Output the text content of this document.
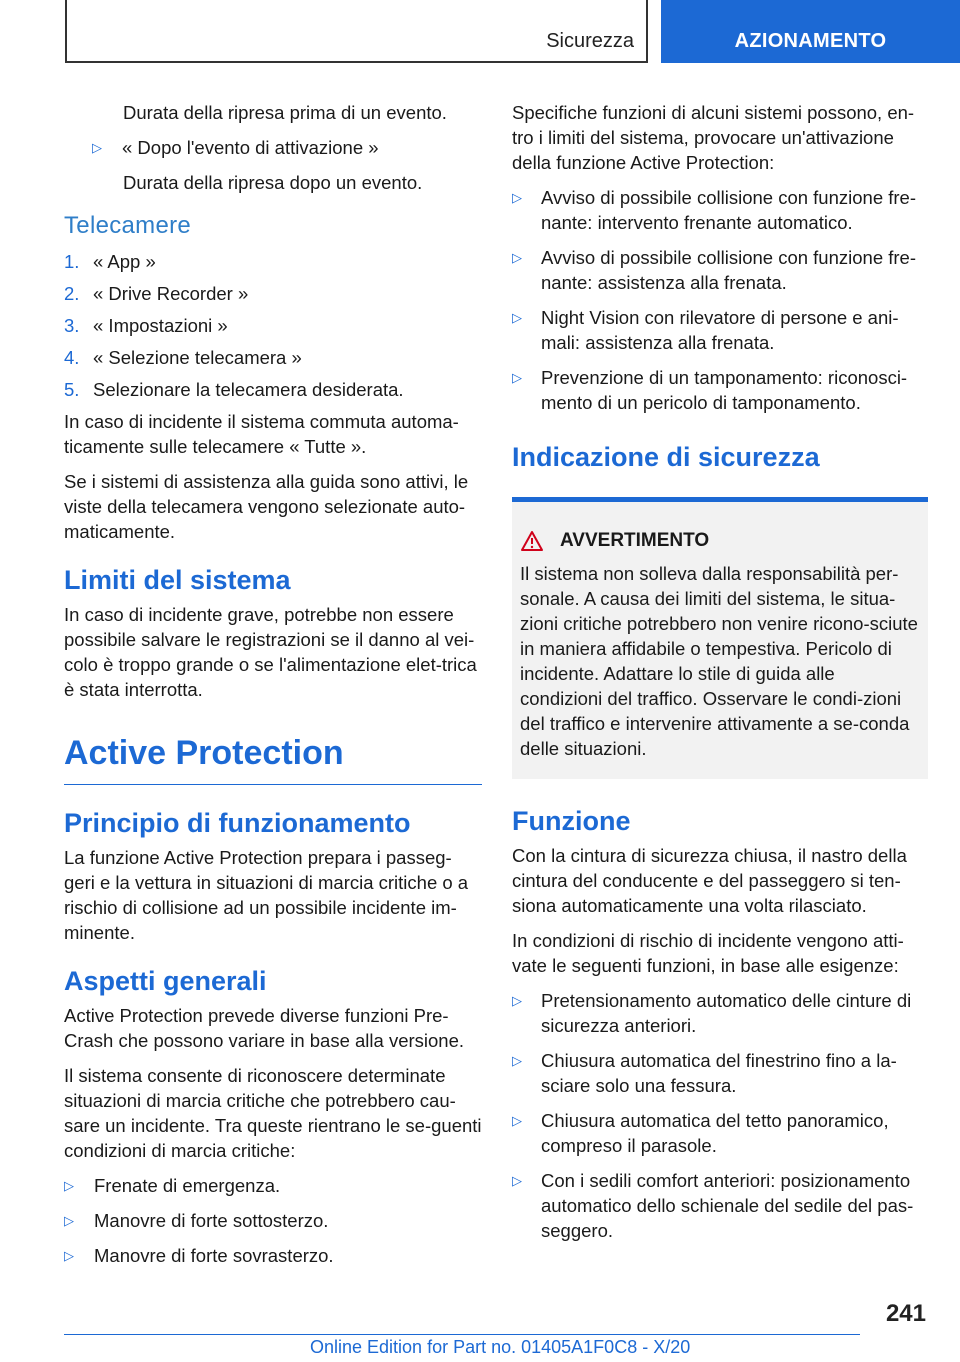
Sicurezza	AZIONAMENTO

Durata della ripresa prima di un evento.

▷	« Dopo l'evento di attivazione »

Durata della ripresa dopo un evento.

Telecamere
1. « App »
2. « Drive Recorder »
3. « Impostazioni »
4. « Selezione telecamera »
5. Selezionare la telecamera desiderata.

In caso di incidente il sistema commuta automa-ticamente sulle telecamere « Tutte ».

Se i sistemi di assistenza alla guida sono attivi, le viste della telecamera vengono selezionate auto-maticamente.

Limiti del sistema

In caso di incidente grave, potrebbe non essere possibile salvare le registrazioni se il danno al vei-colo è troppo grande o se l'alimentazione elet-trica è stata interrotta.

Active Protection
Principio di funzionamento

La funzione Active Protection prepara i passeg-geri e la vettura in situazioni di marcia critiche o a rischio di collisione ad un possibile incidente im-minente.

Aspetti generali

Active Protection prevede diverse funzioni Pre-Crash che possono variare in base alla versione.

Il sistema consente di riconoscere determinate situazioni di marcia critiche che potrebbero cau-sare un incidente. Tra queste rientrano le se-guenti condizioni di marcia critiche:

▷	Frenate di emergenza.
▷	Manovre di forte sottosterzo.
▷	Manovre di forte sovrasterzo.

Specifiche funzioni di alcuni sistemi possono, en-tro i limiti del sistema, provocare un'attivazione della funzione Active Protection:

▷	Avviso di possibile collisione con funzione fre-nante: intervento frenante automatico.
▷	Avviso di possibile collisione con funzione fre-nante: assistenza alla frenata.
▷	Night Vision con rilevatore di persone e ani-mali: assistenza alla frenata.
▷	Prevenzione di un tamponamento: riconosci-mento di un pericolo di tamponamento.
Indicazione di sicurezza
AVVERTIMENTO

Il sistema non solleva dalla responsabilità per-sonale. A causa dei limiti del sistema, le situa-zioni critiche potrebbero non venire ricono-sciute in maniera affidabile o tempestiva. Pericolo di incidente. Adattare lo stile di guida alle condizioni del traffico. Osservare le condi-zioni del traffico e intervenire attivamente a se-conda delle situazioni.

Funzione

Con la cintura di sicurezza chiusa, il nastro della cintura del conducente e del passeggero si ten-siona automaticamente una volta rilasciato.

In condizioni di rischio di incidente vengono atti-vate le seguenti funzioni, in base alle esigenze:

▷	Pretensionamento automatico delle cinture di sicurezza anteriori.
▷	Chiusura automatica del finestrino fino a la-sciare solo una fessura.
▷	Chiusura automatica del tetto panoramico, compreso il parasole.
▷	Con i sedili comfort anteriori: posizionamento automatico dello schienale del sedile del pas-seggero.
241
Online Edition for Part no. 01405A1F0C8 - X/20
